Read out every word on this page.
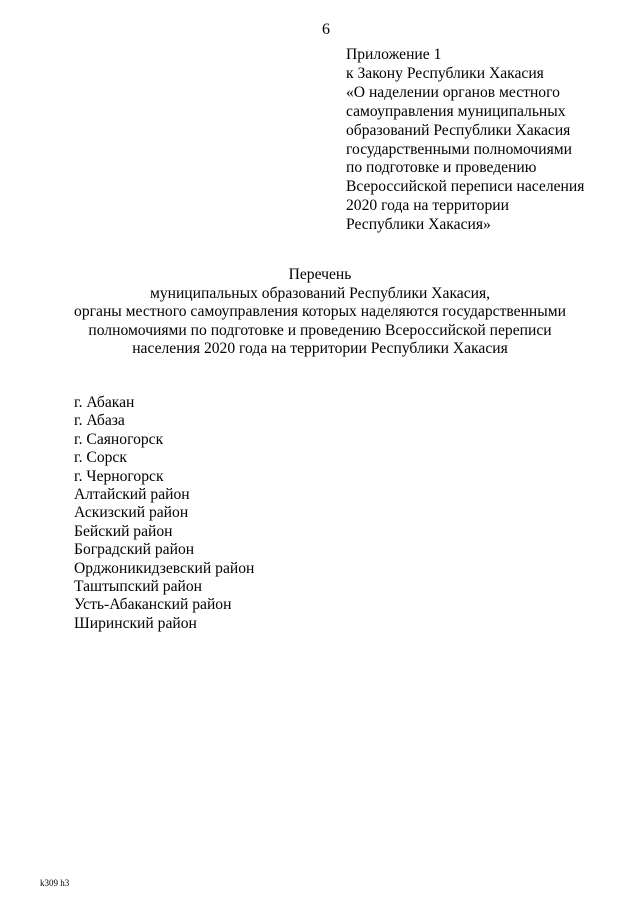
6
Приложение 1
к Закону Республики Хакасия
«О наделении органов местного
самоуправления муниципальных
образований Республики Хакасия
государственными полномочиями
по подготовке и проведению
Всероссийской переписи населения
2020 года на территории
Республики Хакасия»
Перечень
муниципальных образований Республики Хакасия,
органы местного самоуправления которых наделяются государственными
полномочиями по подготовке и проведению Всероссийской переписи
населения 2020 года на территории Республики Хакасия
г. Абакан
г. Абаза
г. Саяногорск
г. Сорск
г. Черногорск
Алтайский район
Аскизский район
Бейский район
Боградский район
Орджоникидзевский район
Таштыпский район
Усть-Абаканский район
Ширинский район
k309 h3
